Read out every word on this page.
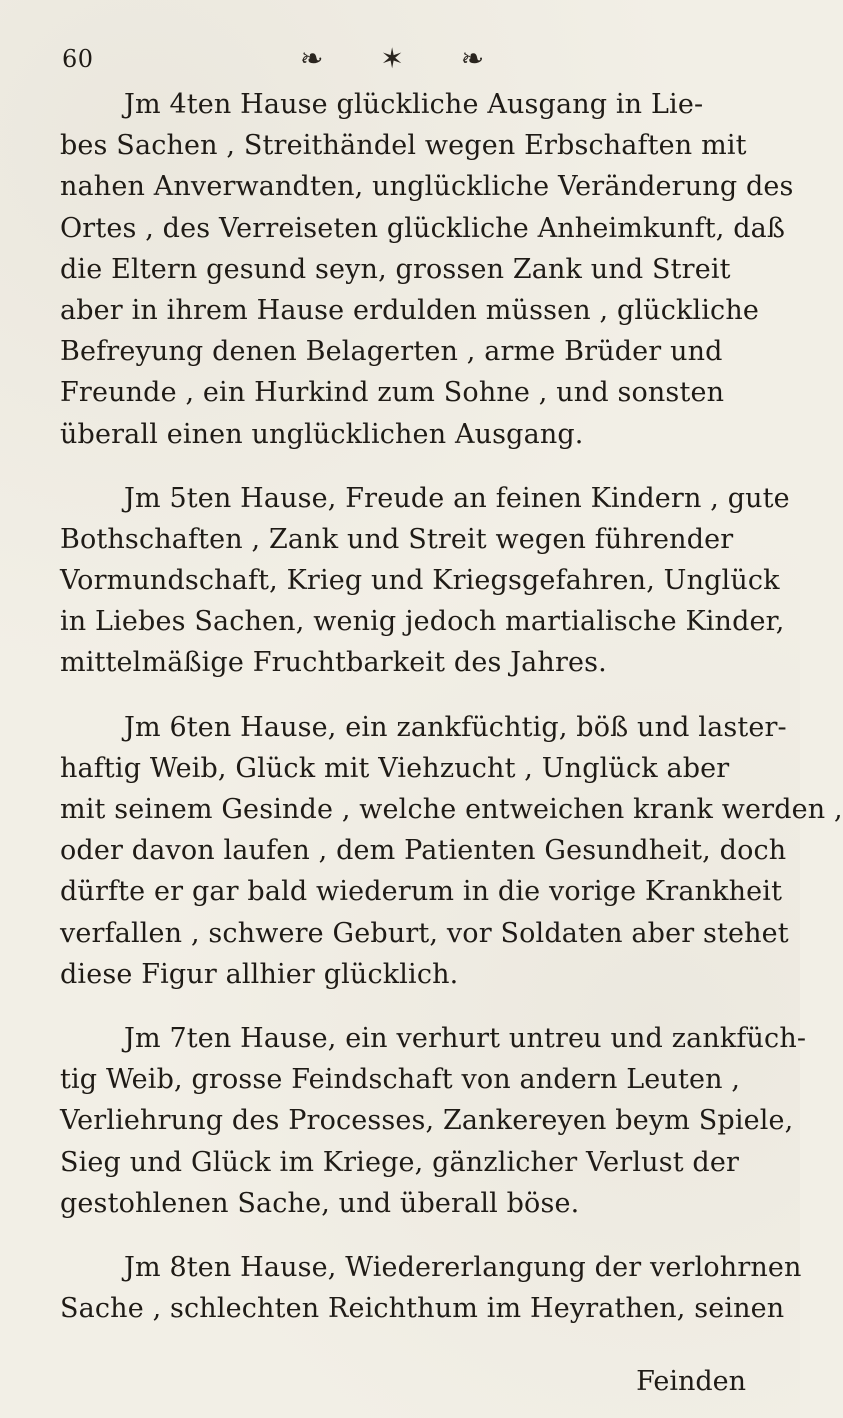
60	❧ ✶ ❧
Jm 4ten Hause glückliche Ausgang in Lie‑
bes Sachen , Streithändel wegen Erbschaften mit
nahen Anverwandten, unglückliche Veränderung des
Ortes , des Verreiseten glückliche Anheimkunft, daß
die Eltern gesund seyn, grossen Zank und Streit
aber in ihrem Hause erdulden müssen , glückliche
Befreyung denen Belagerten , arme Brüder und
Freunde , ein Hurkind zum Sohne , und sonsten
überall einen unglücklichen Ausgang.
Jm 5ten Hause, Freude an feinen Kindern , gute
Bothschaften , Zank und Streit wegen führender
Vormundschaft, Krieg und Kriegsgefahren, Unglück
in Liebes Sachen, wenig jedoch martialische Kinder,
mittelmäßige Fruchtbarkeit des Jahres.
Jm 6ten Hause, ein zankfüchtig, böß und laster‑
haftig Weib, Glück mit Viehzucht , Unglück aber
mit seinem Gesinde , welche entweichen krank werden ,
oder davon laufen , dem Patienten Gesundheit, doch
dürfte er gar bald wiederum in die vorige Krankheit
verfallen , schwere Geburt, vor Soldaten aber stehet
diese Figur allhier glücklich.
Jm 7ten Hause, ein verhurt untreu und zankfüch‑
tig Weib, grosse Feindschaft von andern Leuten ,
Verliehrung des Processes, Zankereyen beym Spiele,
Sieg und Glück im Kriege, gänzlicher Verlust der
gestohlenen Sache, und überall böse.
Jm 8ten Hause, Wiedererlangung der verlohrnen
Sache , schlechten Reichthum im Heyrathen, seinen
Feinden
